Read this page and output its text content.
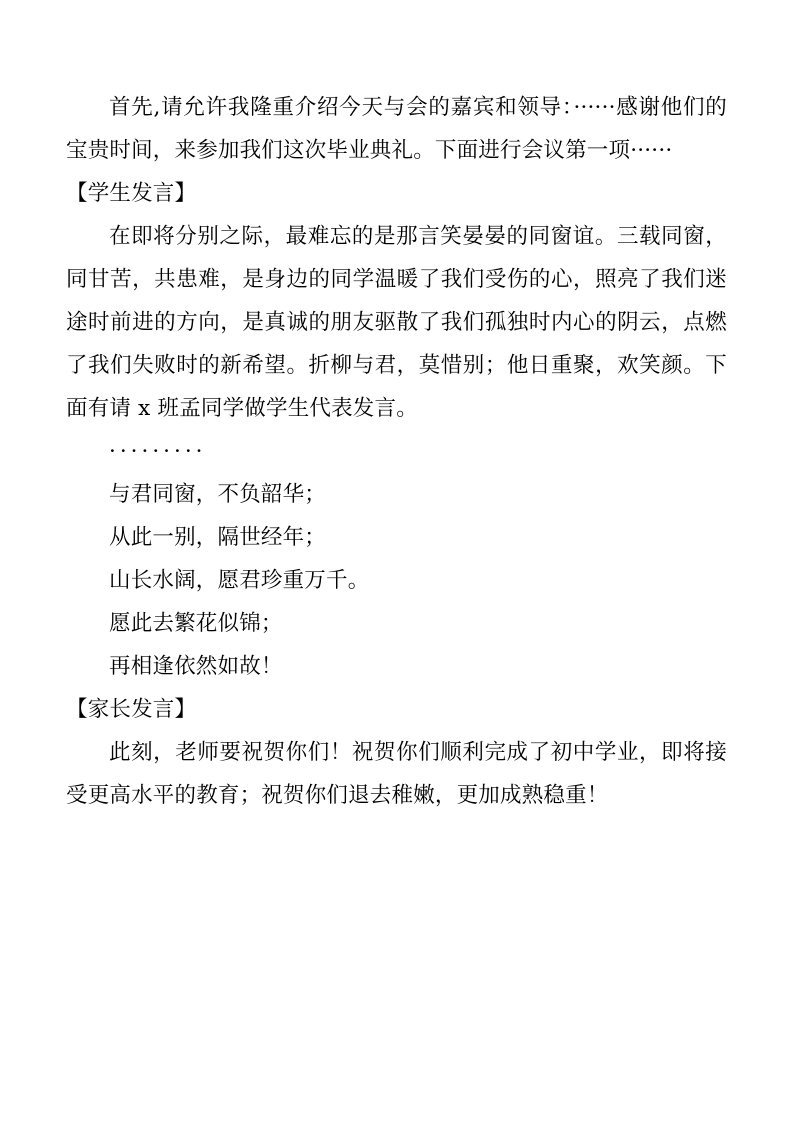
首先,请允许我隆重介绍今天与会的嘉宾和领导：······感谢他们的宝贵时间，来参加我们这次毕业典礼。下面进行会议第一项······

【学生发言】

在即将分别之际，最难忘的是那言笑晏晏的同窗谊。三载同窗，同甘苦，共患难，是身边的同学温暖了我们受伤的心，照亮了我们迷途时前进的方向，是真诚的朋友驱散了我们孤独时内心的阴云，点燃了我们失败时的新希望。折柳与君，莫惜别；他日重聚，欢笑颜。下面有请 x 班孟同学做学生代表发言。

·········

与君同窗，不负韶华；

从此一别，隔世经年；

山长水阔，愿君珍重万千。

愿此去繁花似锦；

再相逢依然如故！

【家长发言】

此刻，老师要祝贺你们！祝贺你们顺利完成了初中学业，即将接受更高水平的教育；祝贺你们退去稚嫩，更加成熟稳重！
